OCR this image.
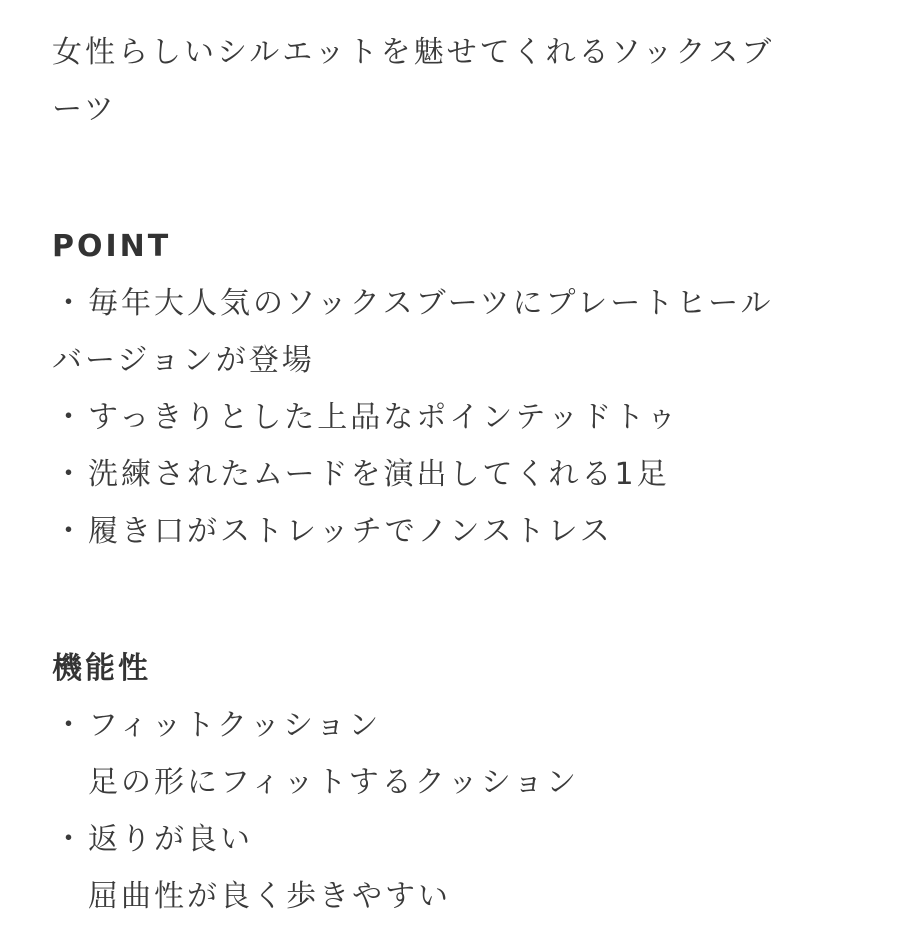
女性らしいシルエットを魅せてくれるソックスブ
ーツ
POINT
・ 毎年大人気のソックスブーツにプレートヒール
バージョンが登場
・ すっきりとした上品なポインテッドトゥ
・ 洗練されたムードを演出してくれる1足
・ 履き口がストレッチでノンストレス
機能性
・ フィットクッション
足の形にフィットするクッション
・ 返りが良い
屈曲性が良く歩きやすい
